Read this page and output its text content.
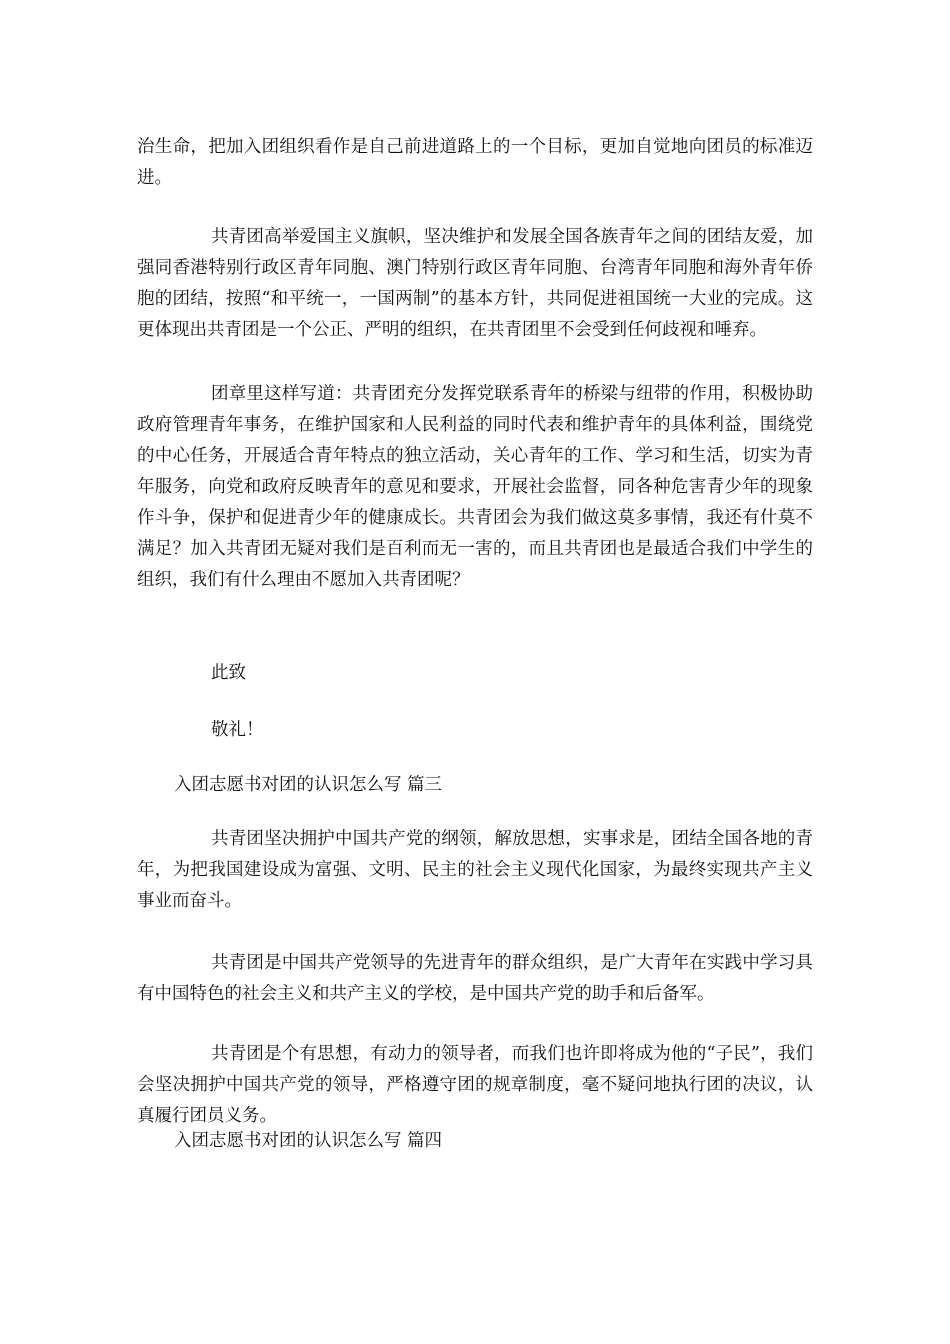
治生命，把加入团组织看作是自己前进道路上的一个目标，更加自觉地向团员的标准迈进。

共青团高举爱国主义旗帜，坚决维护和发展全国各族青年之间的团结友爱，加强同香港特别行政区青年同胞、澳门特别行政区青年同胞、台湾青年同胞和海外青年侨胞的团结，按照“和平统一，一国两制”的基本方针，共同促进祖国统一大业的完成。这更体现出共青团是一个公正、严明的组织，在共青团里不会受到任何歧视和唾弃。

团章里这样写道：共青团充分发挥党联系青年的桥梁与纽带的作用，积极协助政府管理青年事务，在维护国家和人民利益的同时代表和维护青年的具体利益，围绕党的中心任务，开展适合青年特点的独立活动，关心青年的工作、学习和生活，切实为青年服务，向党和政府反映青年的意见和要求，开展社会监督，同各种危害青少年的现象作斗争，保护和促进青少年的健康成长。共青团会为我们做这莫多事情，我还有什莫不满足？加入共青团无疑对我们是百利而无一害的，而且共青团也是最适合我们中学生的组织，我们有什么理由不愿加入共青团呢？

此致

敬礼！

入团志愿书对团的认识怎么写 篇三

共青团坚决拥护中国共产党的纲领，解放思想，实事求是，团结全国各地的青年，为把我国建设成为富强、文明、民主的社会主义现代化国家，为最终实现共产主义事业而奋斗。

共青团是中国共产党领导的先进青年的群众组织，是广大青年在实践中学习具有中国特色的社会主义和共产主义的学校，是中国共产党的助手和后备军。

共青团是个有思想，有动力的领导者，而我们也许即将成为他的“子民”，我们会坚决拥护中国共产党的领导，严格遵守团的规章制度，毫不疑问地执行团的决议，认真履行团员义务。

入团志愿书对团的认识怎么写 篇四
